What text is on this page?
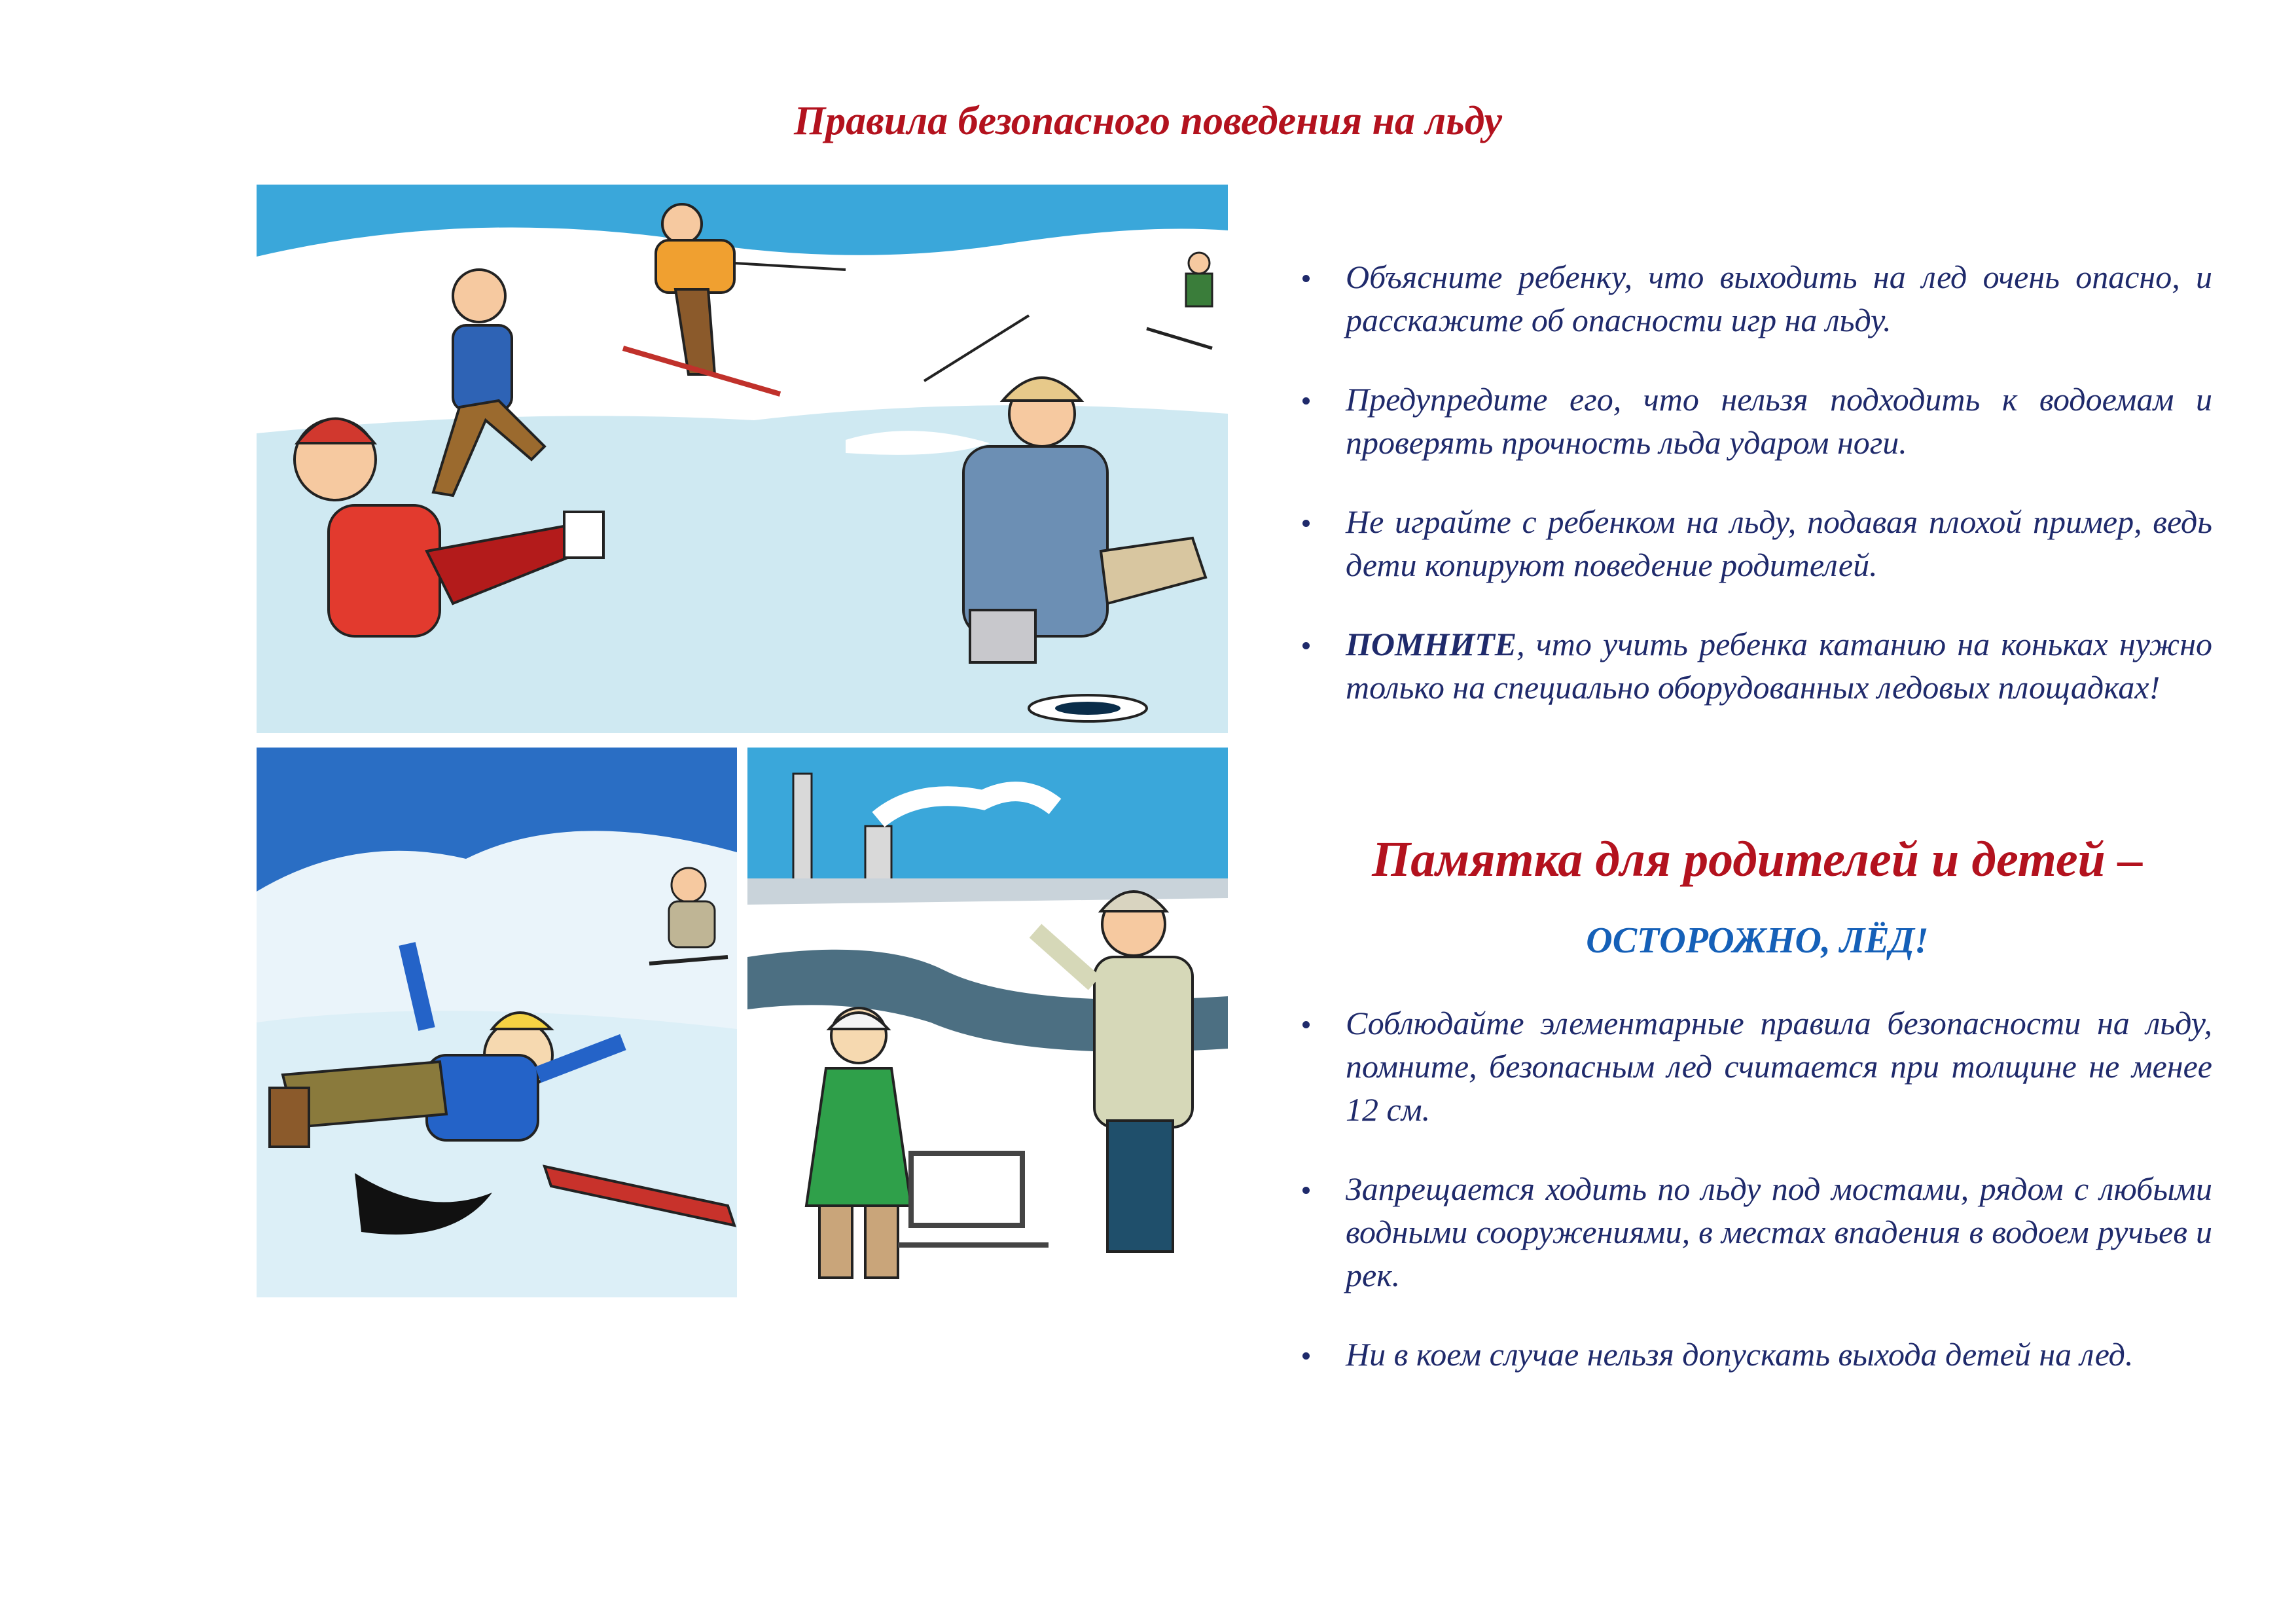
Правила безопасного поведения на льду
Объясните ребенку, что выходить на лед очень опасно, и расскажите об опасности игр на льду.
Предупредите его, что нельзя подходить к водоемам и проверять прочность льда ударом ноги.
Не играйте с ребенком на льду, подавая плохой пример, ведь дети копируют поведение родителей.
ПОМНИТЕ, что учить ребенка катанию на коньках нужно только на специально оборудованных ледовых площадках!
Памятка для родителей и детей –
ОСТОРОЖНО, ЛЁД!
Соблюдайте элементарные правила безопасности на льду, помните, безопасным лед считается при толщине не менее 12 см.
Запрещается ходить по льду под мостами, рядом с любыми водными сооружениями, в местах впадения в водоем ручьев и рек.
Ни в коем случае нельзя допускать выхода детей на лед.
